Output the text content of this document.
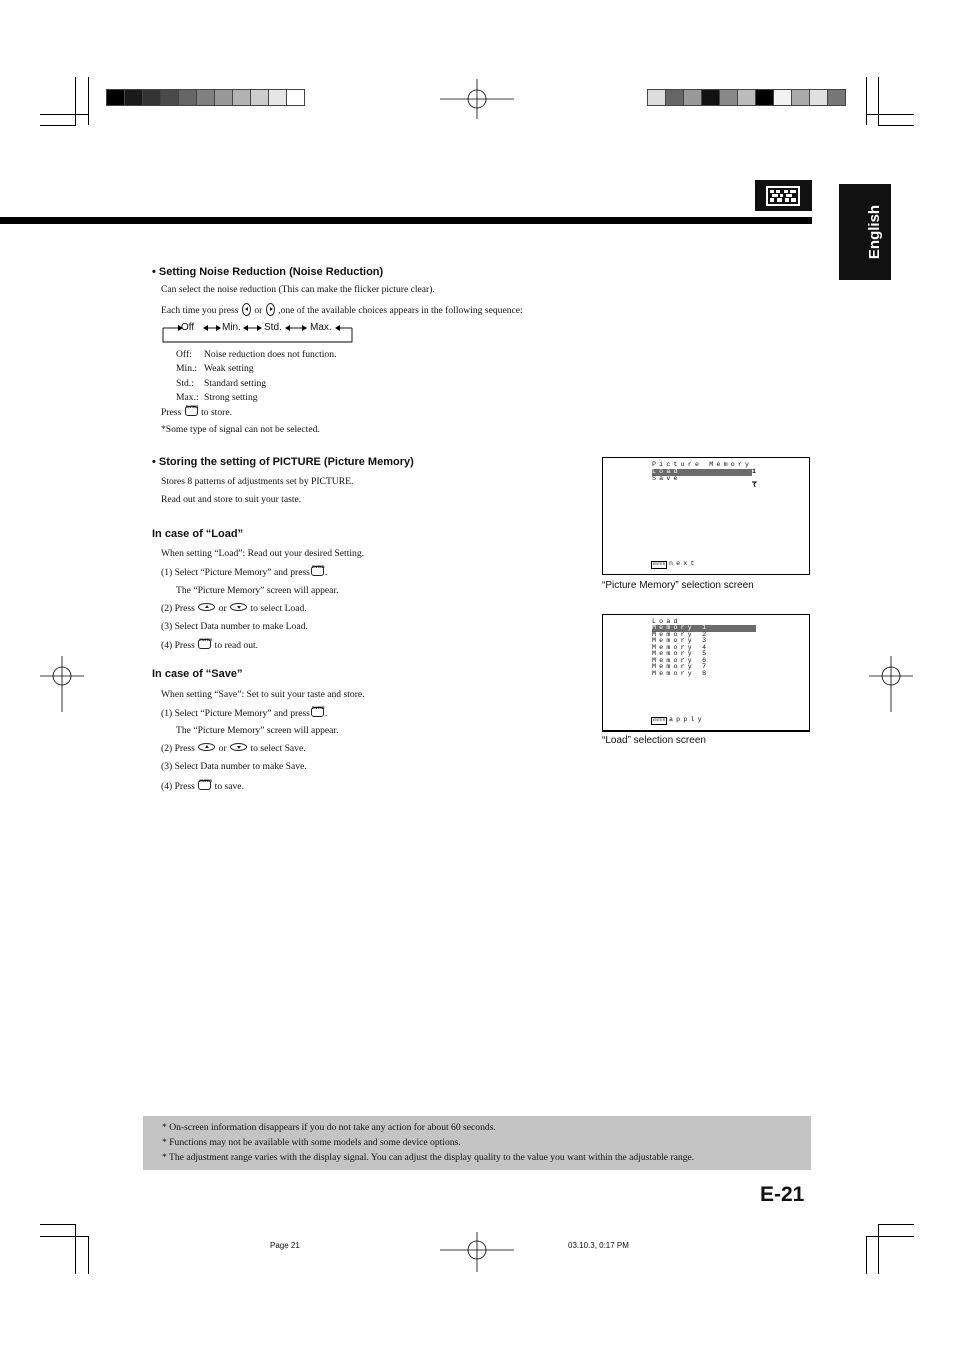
English
• Setting Noise Reduction (Noise Reduction)
Can select the noise reduction (This can make the flicker picture clear).
Each time you press or ,one of the available choices appears in the following sequence:
Off	Min. Std.	Max.
Off: Noise reduction does not function.
Min.: Weak setting
Std.: Standard setting
Max.: Strong setting
Press ENTER to store.
*Some type of signal can not be selected.
• Storing the setting of PICTURE (Picture Memory)
Stores 8 patterns of adjustments set by PICTURE.
Read out and store to suit your taste.
In case of “Load”
When setting “Load”: Read out your desired Setting.
(1) Select “Picture Memory” and press ENTER .
The “Picture Memory” screen will appear.
(2) Press or to select Load.
(3) Select Data number to make Load.
(4) Press ENTER to read out.
In case of “Save”
When setting “Save”: Set to suit your taste and store.
(1) Select “Picture Memory” and press ENTER .
The “Picture Memory” screen will appear.
(2) Press or to select Save.
(3) Select Data number to make Save.
(4) Press ENTER to save.
Picture Memory
Load	1
Save
ENTER next
“Picture Memory” selection screen
Load
Memory 1
Memory 2
Memory 3
Memory 4
Memory 5
Memory 6
Memory 7
Memory 8
ENTER apply
“Load” selection screen
* On-screen information disappears if you do not take any action for about 60 seconds.
* Functions may not be available with some models and some device options.
* The adjustment range varies with the display signal. You can adjust the display quality to the value you want within the adjustable range.
E-21
Page 21	03.10.3, 0:17 PM
